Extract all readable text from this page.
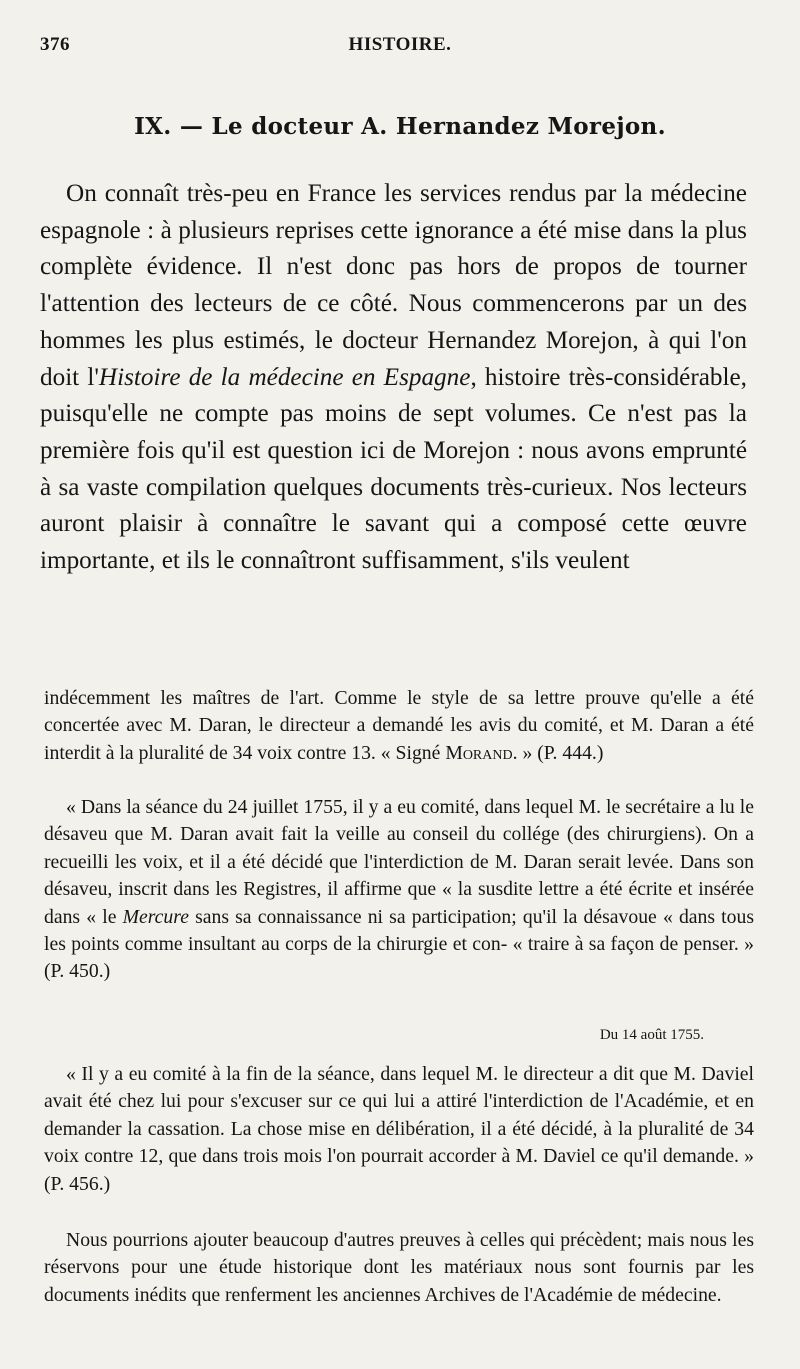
376	HISTOIRE.
IX. — Le docteur A. Hernandez Morejon.

On connaît très-peu en France les services rendus par la médecine espagnole : à plusieurs reprises cette ignorance a été mise dans la plus complète évidence. Il n'est donc pas hors de propos de tourner l'attention des lecteurs de ce côté. Nous commencerons par un des hommes les plus estimés, le docteur Hernandez Morejon, à qui l'on doit l'Histoire de la médecine en Espagne, histoire très-considérable, puisqu'elle ne compte pas moins de sept volumes. Ce n'est pas la première fois qu'il est question ici de Morejon : nous avons emprunté à sa vaste compilation quelques documents très-curieux. Nos lecteurs auront plaisir à connaître le savant qui a composé cette œuvre importante, et ils le connaîtront suffisamment, s'ils veulent

indécemment les maîtres de l'art. Comme le style de sa lettre prouve qu'elle a été concertée avec M. Daran, le directeur a demandé les avis du comité, et M. Daran a été interdit à la pluralité de 34 voix contre 13. « Signé Morand. » (P. 444.)

« Dans la séance du 24 juillet 1755, il y a eu comité, dans lequel M. le secrétaire a lu le désaveu que M. Daran avait fait la veille au conseil du collége (des chirurgiens). On a recueilli les voix, et il a été décidé que l'interdiction de M. Daran serait levée. Dans son désaveu, inscrit dans les Registres, il affirme que « la susdite lettre a été écrite et insérée dans « le Mercure sans sa connaissance ni sa participation; qu'il la désavoue « dans tous les points comme insultant au corps de la chirurgie et con- « traire à sa façon de penser. » (P. 450.)

Du 14 août 1755.

« Il y a eu comité à la fin de la séance, dans lequel M. le directeur a dit que M. Daviel avait été chez lui pour s'excuser sur ce qui lui a attiré l'interdiction de l'Académie, et en demander la cassation. La chose mise en délibération, il a été décidé, à la pluralité de 34 voix contre 12, que dans trois mois l'on pourrait accorder à M. Daviel ce qu'il demande. » (P. 456.)

Nous pourrions ajouter beaucoup d'autres preuves à celles qui précèdent; mais nous les réservons pour une étude historique dont les matériaux nous sont fournis par les documents inédits que renferment les anciennes Archives de l'Académie de médecine.
